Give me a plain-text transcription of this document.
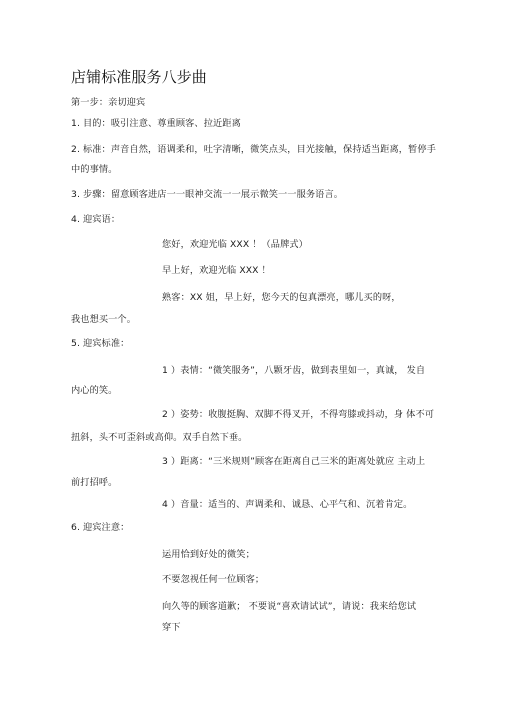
店铺标准服务八步曲
第一步：亲切迎宾
1. 目的：吸引注意、尊重顾客、拉近距离
2. 标准：声音自然，语调柔和，吐字清晰，微笑点头，目光接触，保持适当距离，暂停手
中的事情。
3. 步骤：留意顾客进店一一眼神交流一一展示微笑一一服务语言。
4. 迎宾语：
您好，欢迎光临 XXX ！（品牌式）
早上好，欢迎光临 XXX ！
熟客：XX 姐，早上好，您今天的包真漂亮，哪儿买的呀，
我也想买一个。
5. 迎宾标准：
1 ）表情：“微笑服务”，八颗牙齿，做到表里如一，真诚， 发自
内心的笑。
2 ）姿势：收腹挺胸、双脚不得叉开，不得弯膝或抖动，身 体不可
扭斜，头不可歪斜或高仰。双手自然下垂。
3 ）距离：“三米规则”顾客在距离自己三米的距离处就应 主动上
前打招呼。
4 ）音量：适当的、声调柔和、诚恳、心平气和、沉着肯定。
6. 迎宾注意：
运用恰到好处的微笑；
不要忽视任何一位顾客；
向久等的顾客道歉； 不要说“喜欢请试试”，请说：我来给您试
穿下
